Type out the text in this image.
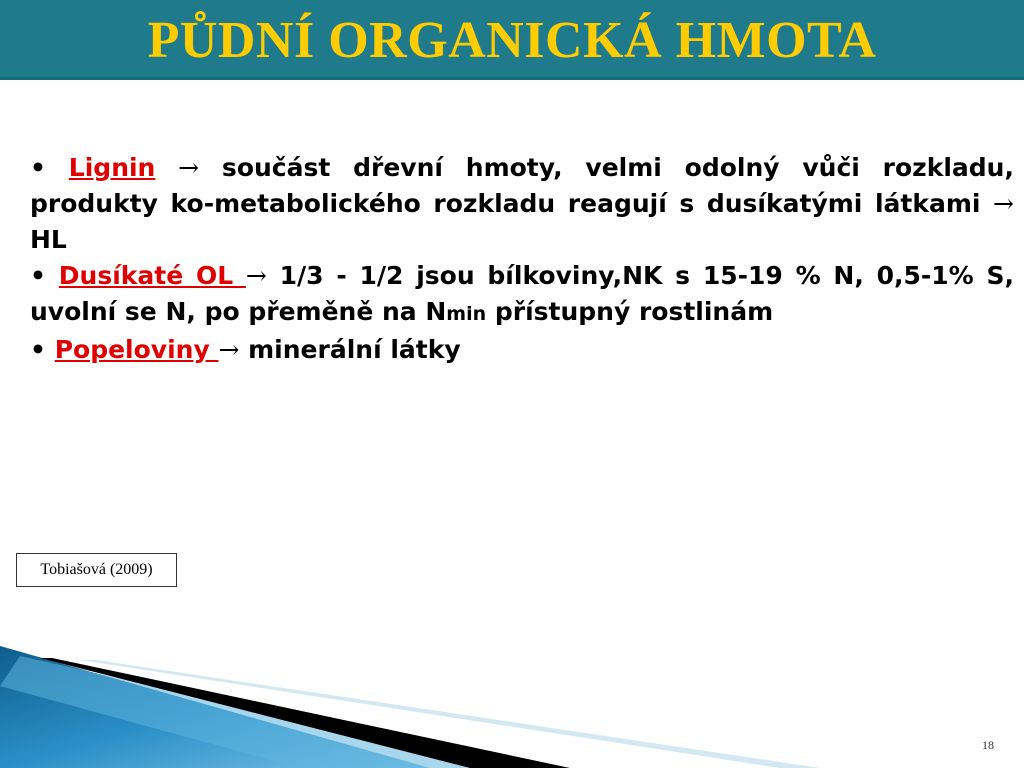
PŮDNÍ ORGANICKÁ HMOTA

• Lignin → součást dřevní hmoty, velmi odolný vůči rozkladu, produkty ko-metabolického rozkladu reagují s dusíkatými látkami → HL

• Dusíkaté OL → 1/3 - 1/2 jsou bílkoviny,NK s 15-19 % N, 0,5-1% S, uvolní se N, po přeměně na Nmin přístupný rostlinám

• Popeloviny → minerální látky

Tobiašová (2009)
18
